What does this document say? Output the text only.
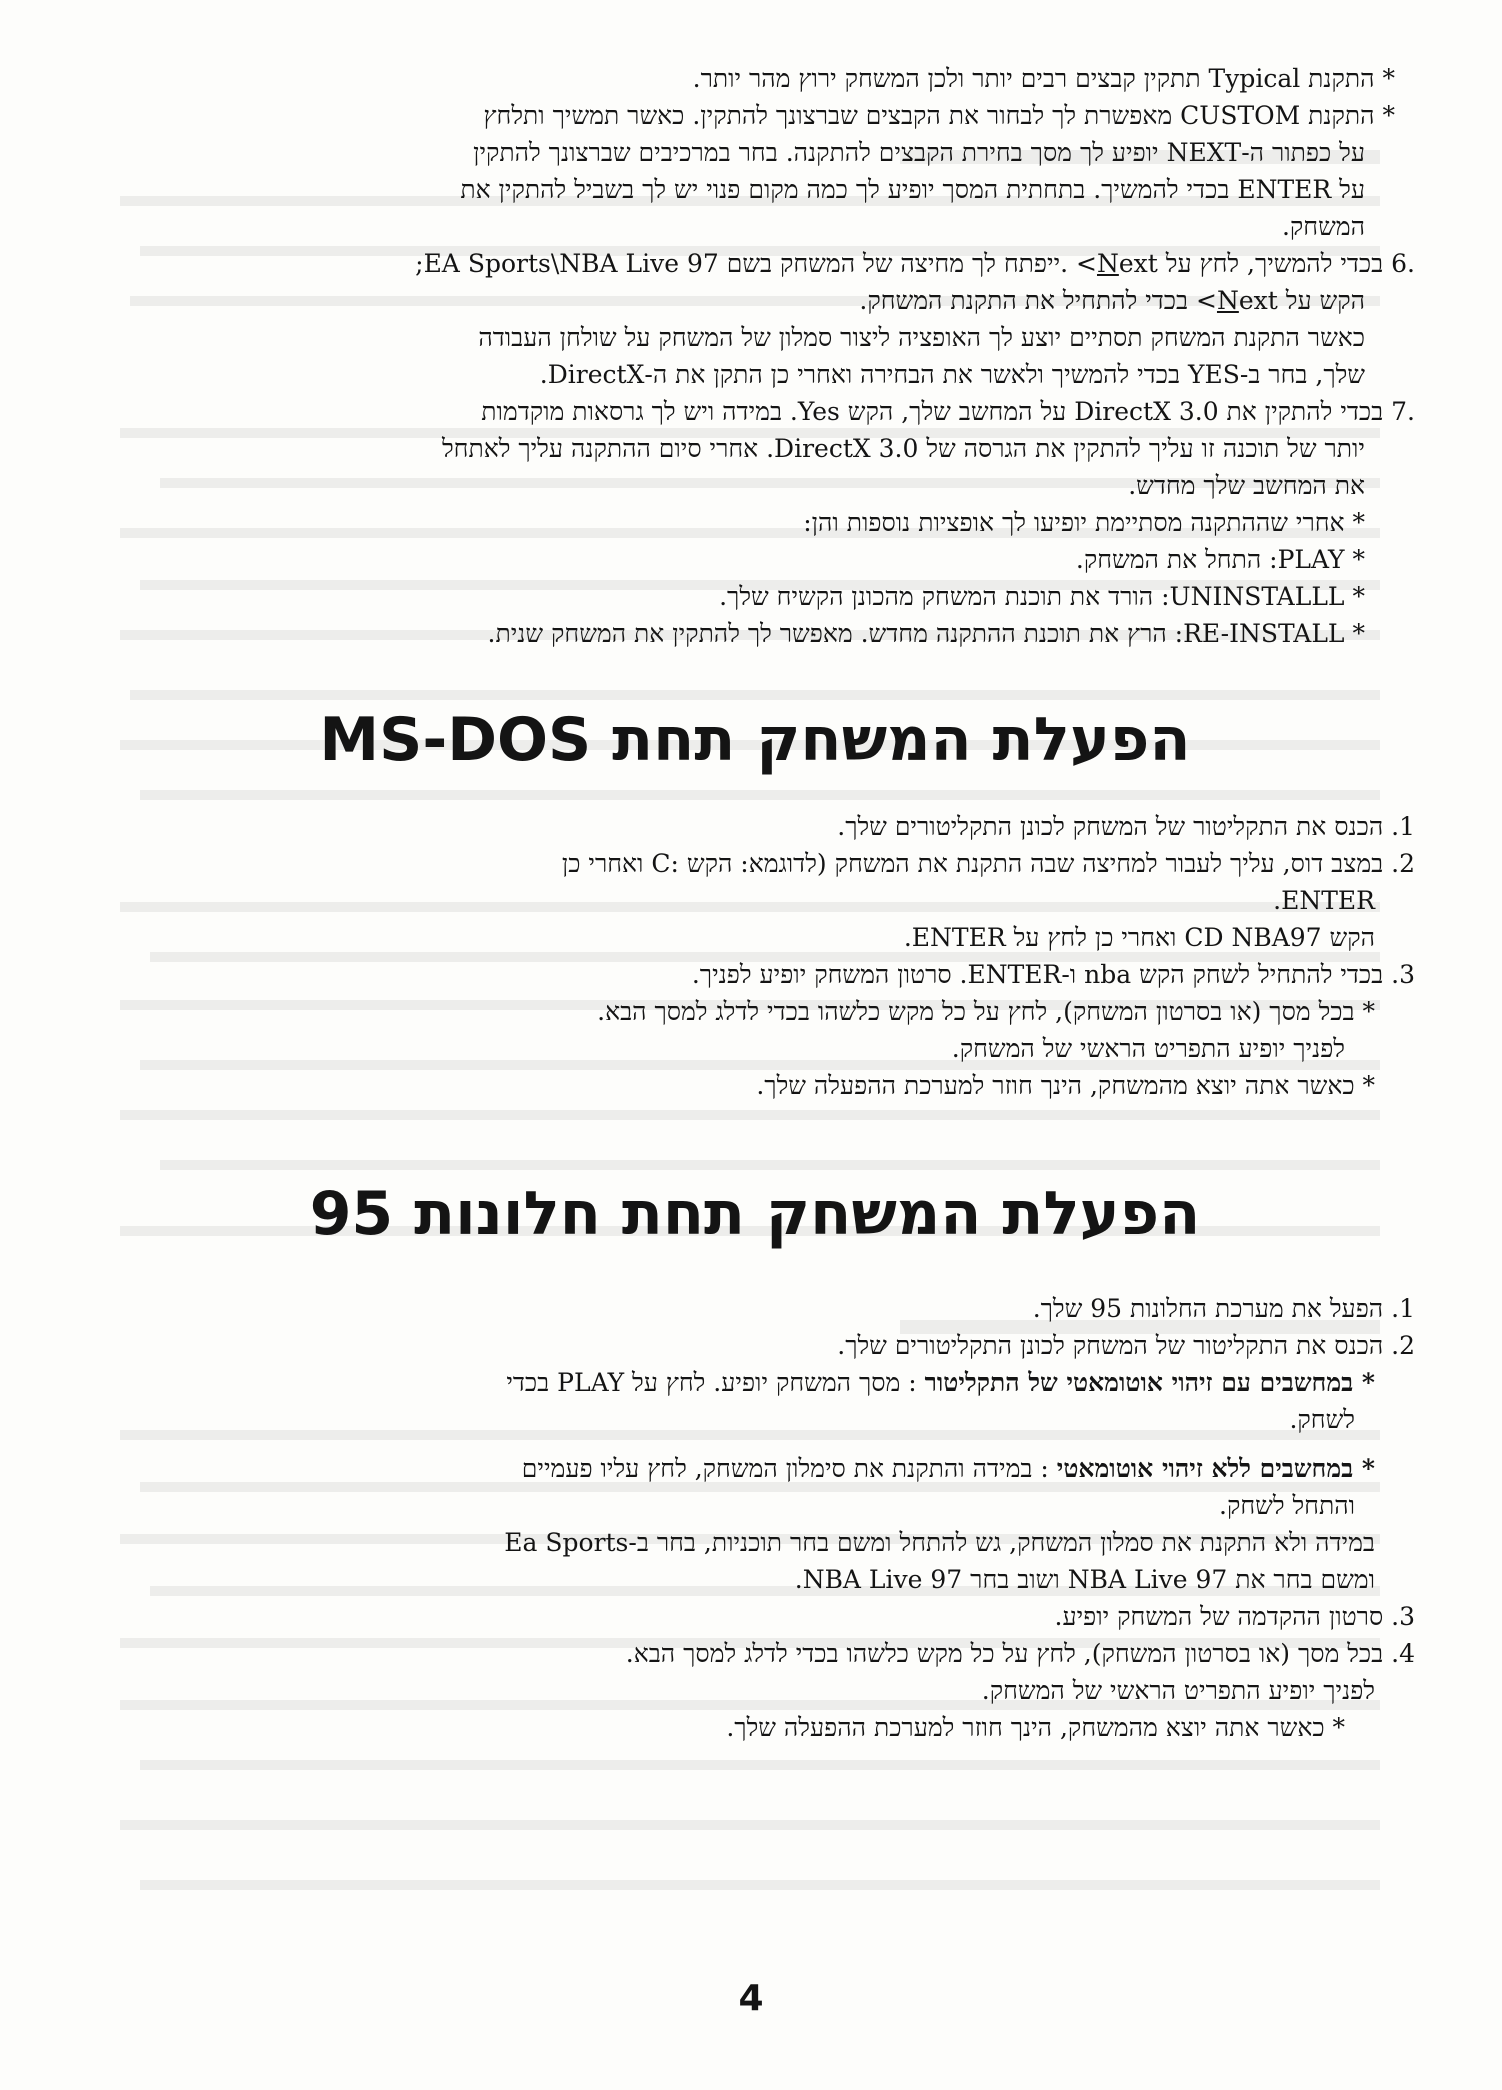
* התקנת Typical תתקין קבצים רבים יותר ולכן המשחק ירוץ מהר יותר.
* התקנת CUSTOM מאפשרת לך לבחור את הקבצים שברצונך להתקין. כאשר תמשיך ותלחץ
על כפתור ה-NEXT יופיע לך מסך בחירת הקבצים להתקנה. בחר במרכיבים שברצונך להתקין
על ENTER בכדי להמשיך. בתחתית המסך יופיע לך כמה מקום פנוי יש לך בשביל להתקין את
המשחק.
.6 בכדי להמשיך, לחץ על Next> .ייפתח לך מחיצה של המשחק בשם EA Sports\NBA Live 97;
הקש על Next> בכדי להתחיל את התקנת המשחק.
כאשר התקנת המשחק תסתיים יוצע לך האופציה ליצור סמלון של המשחק על שולחן העבודה
שלך, בחר ב-YES בכדי להמשיך ולאשר את הבחירה ואחרי כן התקן את ה-DirectX.
.7 בכדי להתקין את DirectX 3.0 על המחשב שלך, הקש Yes. במידה ויש לך גרסאות מוקדמות
יותר של תוכנה זו עליך להתקין את הגרסה של DirectX 3.0. אחרי סיום ההתקנה עליך לאתחל
את המחשב שלך מחדש.
* אחרי שההתקנה מסתיימת יופיעו לך אופציות נוספות והן:
* PLAY: התחל את המשחק.
* UNINSTALLL: הורד את תוכנת המשחק מהכונן הקשיח שלך.
* RE-INSTALL: הרץ את תוכנת ההתקנה מחדש. מאפשר לך להתקין את המשחק שנית.
הפעלת המשחק תחת MS-DOS
1. הכנס את התקליטור של המשחק לכונן התקליטורים שלך.
2. במצב דוס, עליך לעבור למחיצה שבה התקנת את המשחק (לדוגמא: הקש :C ואחרי כן
.ENTER
הקש CD NBA97 ואחרי כן לחץ על ENTER.
3. בכדי להתחיל לשחק הקש nba ו-ENTER. סרטון המשחק יופיע לפניך.
* בכל מסך (או בסרטון המשחק), לחץ על כל מקש כלשהו בכדי לדלג למסך הבא.
לפניך יופיע התפריט הראשי של המשחק.
* כאשר אתה יוצא מהמשחק, הינך חוזר למערכת ההפעלה שלך.
הפעלת המשחק תחת חלונות 95
1. הפעל את מערכת החלונות 95 שלך.
2. הכנס את התקליטור של המשחק לכונן התקליטורים שלך.
* במחשבים עם זיהוי אוטומאטי של התקליטור : מסך המשחק יופיע. לחץ על PLAY בכדי
לשחק.
* במחשבים ללא זיהוי אוטומאטי : במידה והתקנת את סימלון המשחק, לחץ עליו פעמיים
והתחל לשחק.
במידה ולא התקנת את סמלון המשחק, גש להתחל ומשם בחר תוכניות, בחר ב-Ea Sports
ומשם בחר את NBA Live 97 ושוב בחר NBA Live 97.
3. סרטון ההקדמה של המשחק יופיע.
4. בכל מסך (או בסרטון המשחק), לחץ על כל מקש כלשהו בכדי לדלג למסך הבא.
לפניך יופיע התפריט הראשי של המשחק.
* כאשר אתה יוצא מהמשחק, הינך חוזר למערכת ההפעלה שלך.
4
